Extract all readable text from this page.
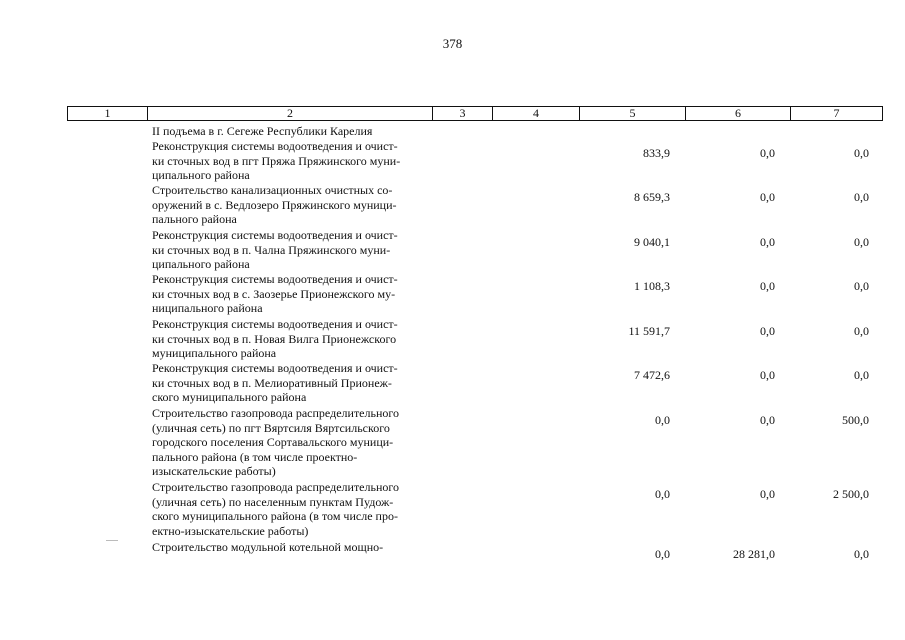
378
1	2	3	4	5	6	7
II подъема в г. Сегеже Республики Карелия
Реконструкция системы водоотведения и очист-
ки сточных вод в пгт Пряжа Пряжинского муни-
ципального района
833,9	0,0	0,0
Строительство канализационных очистных со-
оружений в с. Ведлозеро Пряжинского муници-
пального района
8 659,3	0,0	0,0
Реконструкция системы водоотведения и очист-
ки сточных вод в п. Чална Пряжинского муни-
ципального района
9 040,1	0,0	0,0
Реконструкция системы водоотведения и очист-
ки сточных вод в с. Заозерье Прионежского му-
ниципального района
1 108,3	0,0	0,0
Реконструкция системы водоотведения и очист-
ки сточных вод в п. Новая Вилга Прионежского
муниципального района
11 591,7	0,0	0,0
Реконструкция системы водоотведения и очист-
ки сточных вод в п. Мелиоративный Прионеж-
ского муниципального района
7 472,6	0,0	0,0
Строительство газопровода распределительного
(уличная сеть) по пгт Вяртсиля Вяртсильского
городского поселения Сортавальского муници-
пального района (в том числе проектно-
изыскательские работы)
0,0	0,0	500,0
Строительство газопровода распределительного
(уличная сеть) по населенным пунктам Пудож-
ского муниципального района (в том числе про-
ектно-изыскательские работы)
0,0	0,0	2 500,0
Строительство модульной котельной мощно-	0,0	28 281,0	0,0
